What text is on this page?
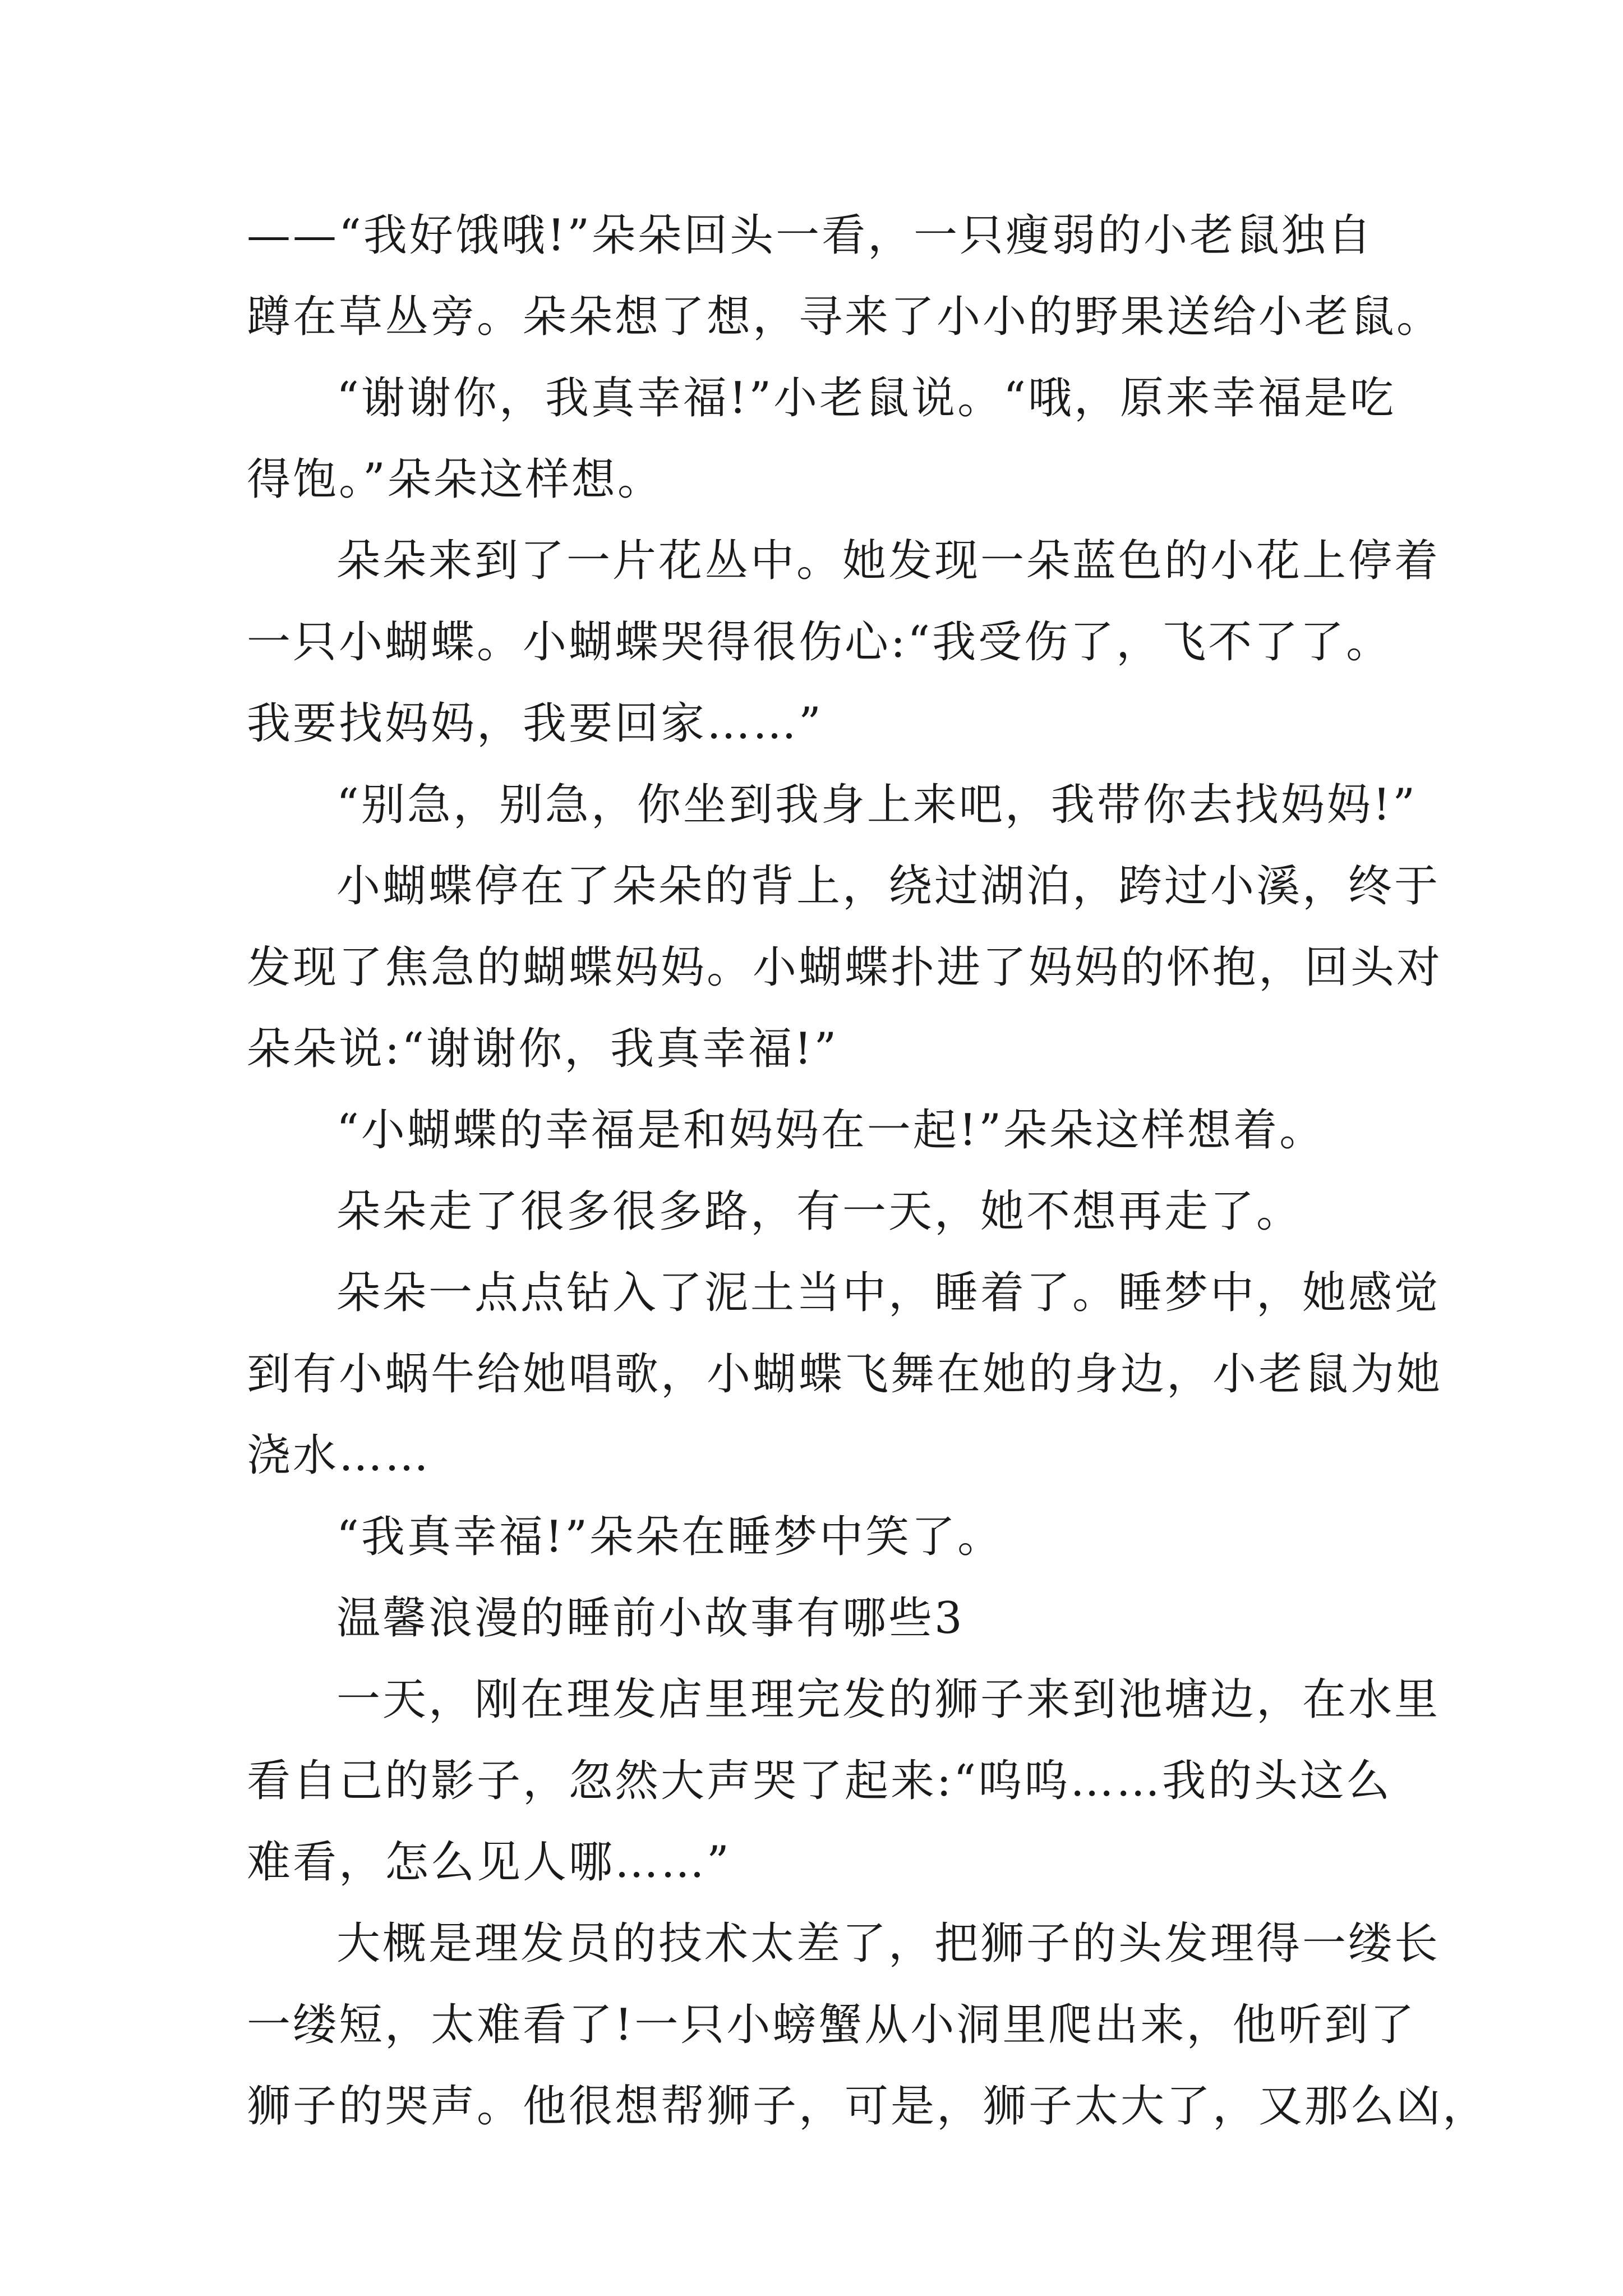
——“我好饿哦!”朵朵回头一看，一只瘦弱的小老鼠独自
蹲在草丛旁。朵朵想了想，寻来了小小的野果送给小老鼠。
“谢谢你，我真幸福!”小老鼠说。“哦，原来幸福是吃
得饱。”朵朵这样想。
朵朵来到了一片花丛中。她发现一朵蓝色的小花上停着
一只小蝴蝶。小蝴蝶哭得很伤心:“我受伤了，飞不了了。
我要找妈妈，我要回家……”
“别急，别急，你坐到我身上来吧，我带你去找妈妈!”
小蝴蝶停在了朵朵的背上，绕过湖泊，跨过小溪，终于
发现了焦急的蝴蝶妈妈。小蝴蝶扑进了妈妈的怀抱，回头对
朵朵说:“谢谢你，我真幸福!”
“小蝴蝶的幸福是和妈妈在一起!”朵朵这样想着。
朵朵走了很多很多路，有一天，她不想再走了。
朵朵一点点钻入了泥土当中，睡着了。睡梦中，她感觉
到有小蜗牛给她唱歌，小蝴蝶飞舞在她的身边，小老鼠为她
浇水……
“我真幸福!”朵朵在睡梦中笑了。
温馨浪漫的睡前小故事有哪些3
一天，刚在理发店里理完发的狮子来到池塘边，在水里
看自己的影子，忽然大声哭了起来:“呜呜……我的头这么
难看，怎么见人哪……”
大概是理发员的技术太差了，把狮子的头发理得一缕长
一缕短，太难看了!一只小螃蟹从小洞里爬出来，他听到了
狮子的哭声。他很想帮狮子，可是，狮子太大了，又那么凶，
